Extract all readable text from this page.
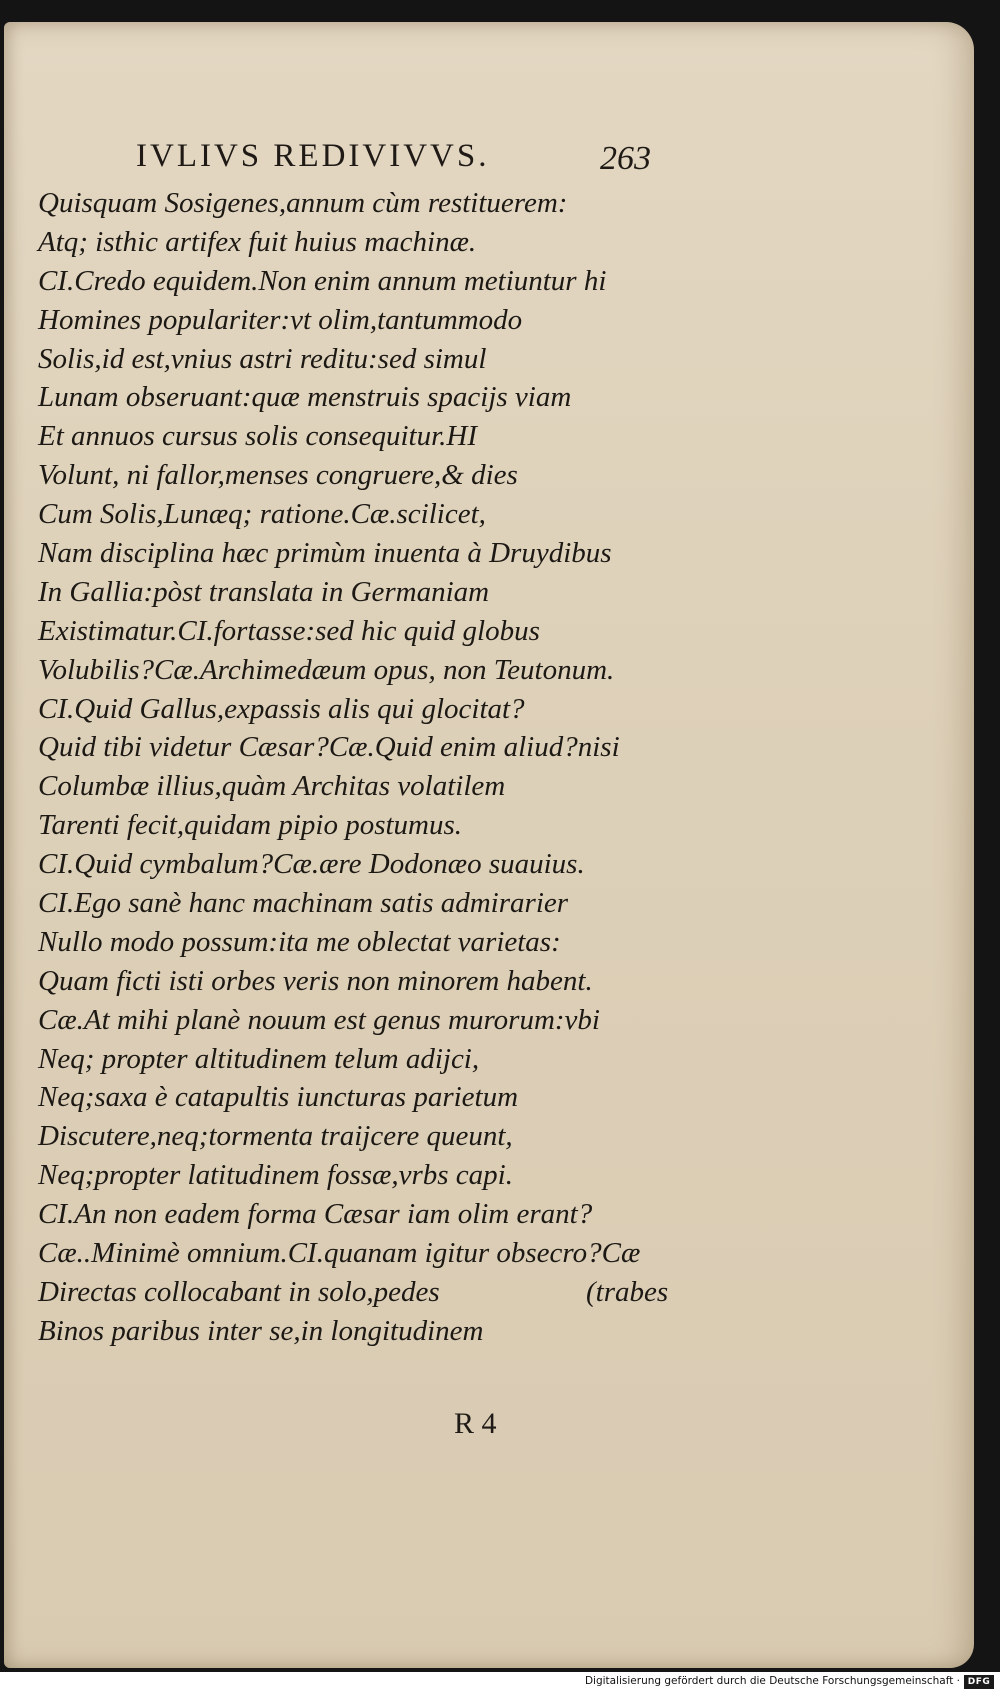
IVLIVS REDIVIVVS.	263
Quisquam Sosigenes,annum cùm restituerem:
Atq; isthic artifex fuit huius machinæ.
CI.Credo equidem.Non enim annum metiuntur hi
Homines populariter:vt olim,tantummodo
Solis,id est,vnius astri reditu:sed simul
Lunam obseruant:quæ menstruis spacijs viam
Et annuos cursus solis consequitur.HI
Volunt, ni fallor,menses congruere,& dies
Cum Solis,Lunæq; ratione.Cæ.scilicet,
Nam disciplina hæc primùm inuenta à Druydibus
In Gallia:pòst translata in Germaniam
Existimatur.CI.fortasse:sed hic quid globus
Volubilis?Cæ.Archimedæum opus, non Teutonum.
CI.Quid Gallus,expassis alis qui glocitat?
Quid tibi videtur Cæsar?Cæ.Quid enim aliud?nisi
Columbæ illius,quàm Architas volatilem
Tarenti fecit,quidam pipio postumus.
CI.Quid cymbalum?Cæ.ære Dodonæo suauius.
CI.Ego sanè hanc machinam satis admirarier
Nullo modo possum:ita me oblectat varietas:
Quam ficti isti orbes veris non minorem habent.
Cæ.At mihi planè nouum est genus murorum:vbi
Neq; propter altitudinem telum adijci,
Neq;saxa è catapultis iuncturas parietum
Discutere,neq;tormenta traijcere queunt,
Neq;propter latitudinem fossæ,vrbs capi.
CI.An non eadem forma Cæsar iam olim erant?
Cæ..Minimè omnium.CI.quanam igitur obsecro?Cæ
Directas collocabant in solo,pedes	(trabes
Binos paribus inter se,in longitudinem
R 4
Digitalisierung gefördert durch die Deutsche Forschungsgemeinschaft · DFG
